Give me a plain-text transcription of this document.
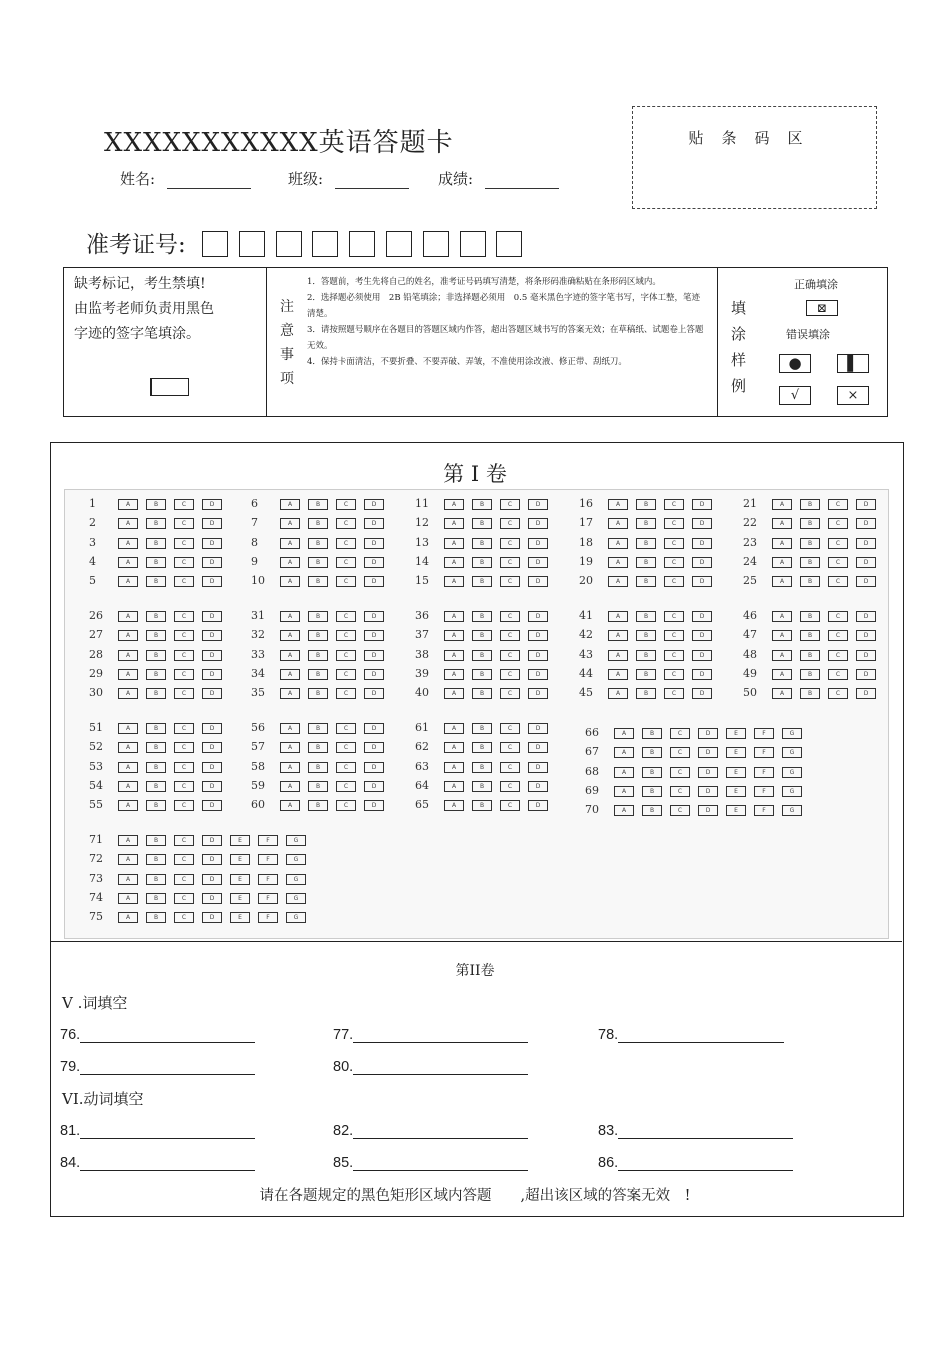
XXXXXXXXXXX英语答题卡
姓名:	班级:	成绩:
贴条码区
准考证号:
缺考标记，考生禁填!
由监考老师负责用黑色
字迹的签字笔填涂。
注意事项
1．答题前，考生先将自己的姓名，准考证号码填写清楚，将条形码准确粘贴在条形码区域内。
2．选择题必须使用　2B 铅笔填涂；非选择题必须用　0.5 毫米黑色字迹的签字笔书写，字体工整，笔迹清楚。
3．请按照题号顺序在各题目的答题区域内作答，超出答题区域书写的答案无效；在草稿纸、试题卷上答题无效。
4．保持卡面清洁，不要折叠、不要弄破、弄皱，不准使用涂改液、修正带、刮纸刀。
填涂样例
正确填涂
⊠
错误填涂
●	▌
√	×
第 I 卷
1	A	B	C	D
2	A	B	C	D
3	A	B	C	D
4	A	B	C	D
5	A	B	C	D
6	A	B	C	D
7	A	B	C	D
8	A	B	C	D
9	A	B	C	D
10	A	B	C	D
11	A	B	C	D
12	A	B	C	D
13	A	B	C	D
14	A	B	C	D
15	A	B	C	D
16	A	B	C	D
17	A	B	C	D
18	A	B	C	D
19	A	B	C	D
20	A	B	C	D
21	A	B	C	D
22	A	B	C	D
23	A	B	C	D
24	A	B	C	D
25	A	B	C	D
26	A	B	C	D
27	A	B	C	D
28	A	B	C	D
29	A	B	C	D
30	A	B	C	D
31	A	B	C	D
32	A	B	C	D
33	A	B	C	D
34	A	B	C	D
35	A	B	C	D
36	A	B	C	D
37	A	B	C	D
38	A	B	C	D
39	A	B	C	D
40	A	B	C	D
41	A	B	C	D
42	A	B	C	D
43	A	B	C	D
44	A	B	C	D
45	A	B	C	D
46	A	B	C	D
47	A	B	C	D
48	A	B	C	D
49	A	B	C	D
50	A	B	C	D
51	A	B	C	D
52	A	B	C	D
53	A	B	C	D
54	A	B	C	D
55	A	B	C	D
56	A	B	C	D
57	A	B	C	D
58	A	B	C	D
59	A	B	C	D
60	A	B	C	D
61	A	B	C	D
62	A	B	C	D
63	A	B	C	D
64	A	B	C	D
65	A	B	C	D
66	A	B	C	D	E	F	G
67	A	B	C	D	E	F	G
68	A	B	C	D	E	F	G
69	A	B	C	D	E	F	G
70	A	B	C	D	E	F	G
71	A	B	C	D	E	F	G
72	A	B	C	D	E	F	G
73	A	B	C	D	E	F	G
74	A	B	C	D	E	F	G
75	A	B	C	D	E	F	G
第II卷
V .词填空
76.	77.	78.
79.	80.
VI.动词填空
81.	82.	83.
84.	85.	86.
请在各题规定的黑色矩形区域内答题　　,超出该区域的答案无效　!
